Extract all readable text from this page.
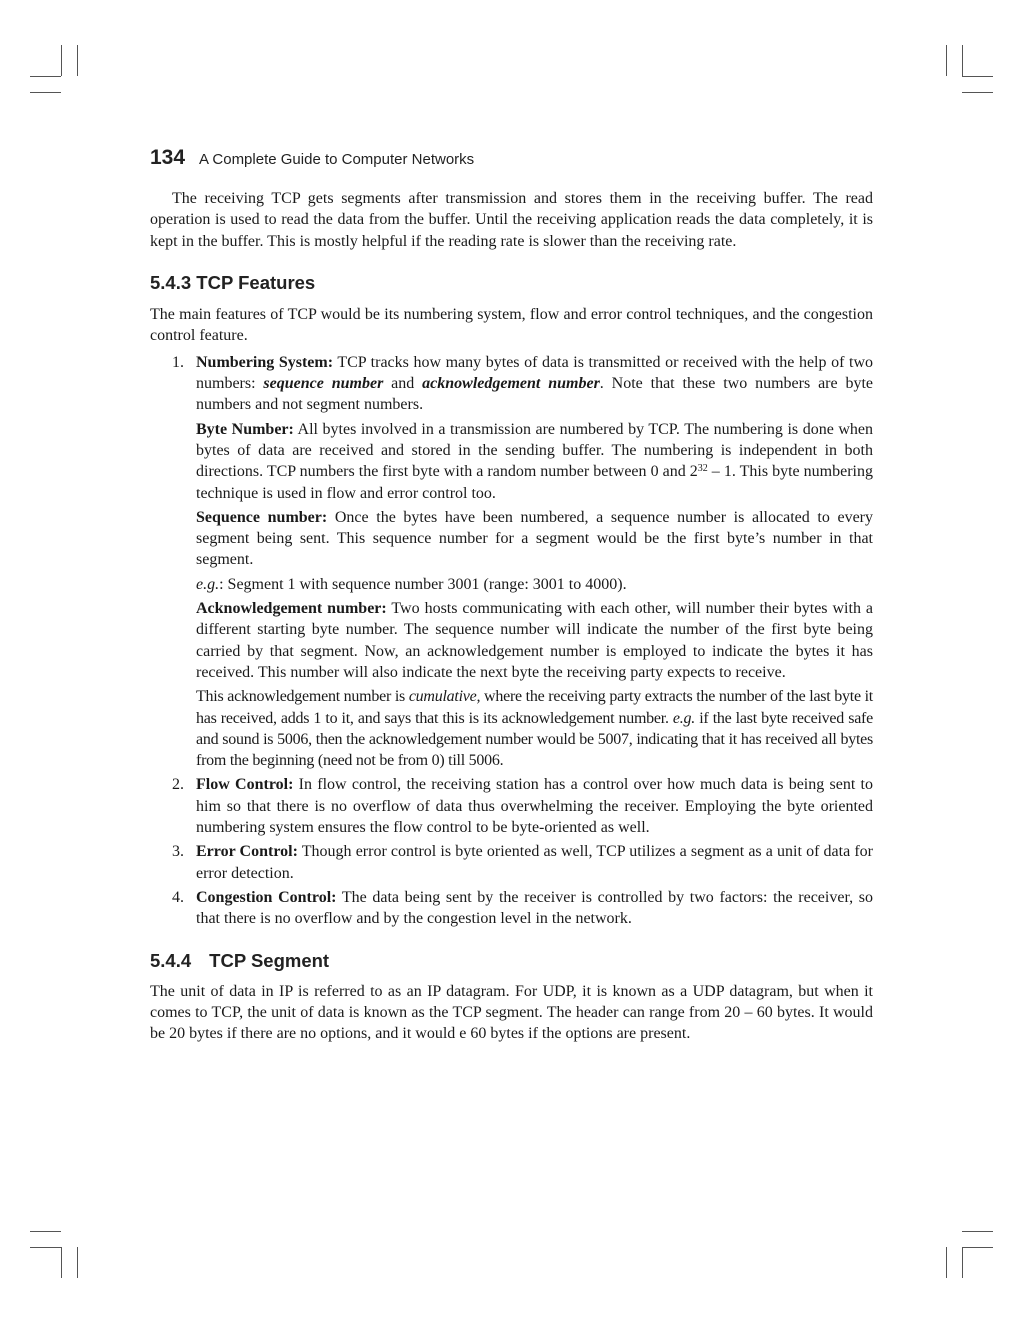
134 A Complete Guide to Computer Networks

The receiving TCP gets segments after transmission and stores them in the receiving buffer. The read operation is used to read the data from the buffer. Until the receiving application reads the data completely, it is kept in the buffer. This is mostly helpful if the reading rate is slower than the receiving rate.

5.4.3 TCP Features

The main features of TCP would be its numbering system, flow and error control techniques, and the congestion control feature.

1. Numbering System: TCP tracks how many bytes of data is transmitted or received with the help of two numbers: sequence number and acknowledgement number. Note that these two numbers are byte numbers and not segment numbers.

Byte Number: All bytes involved in a transmission are numbered by TCP. The numbering is done when bytes of data are received and stored in the sending buffer. The numbering is independent in both directions. TCP numbers the first byte with a random number between 0 and $2^{32} - 1$. This byte numbering technique is used in flow and error control too.

Sequence number: Once the bytes have been numbered, a sequence number is allocated to every segment being sent. This sequence number for a segment would be the first byte’s number in that segment.

e.g.: Segment 1 with sequence number 3001 (range: 3001 to 4000).

Acknowledgement number: Two hosts communicating with each other, will number their bytes with a different starting byte number. The sequence number will indicate the number of the first byte being carried by that segment. Now, an acknowledgement number is employed to indicate the bytes it has received. This number will also indicate the next byte the receiving party expects to receive.

This acknowledgement number is cumulative, where the receiving party extracts the number of the last byte it has received, adds 1 to it, and says that this is its acknowledgement number. e.g. if the last byte received safe and sound is 5006, then the acknowledgement number would be 5007, indicating that it has received all bytes from the beginning (need not be from 0) till 5006.

2. Flow Control: In flow control, the receiving station has a control over how much data is being sent to him so that there is no overflow of data thus overwhelming the receiver. Employing the byte oriented numbering system ensures the flow control to be byte-oriented as well.

3. Error Control: Though error control is byte oriented as well, TCP utilizes a segment as a unit of data for error detection.

4. Congestion Control: The data being sent by the receiver is controlled by two factors: the receiver, so that there is no overflow and by the congestion level in the network.

5.4.4 TCP Segment

The unit of data in IP is referred to as an IP datagram. For UDP, it is known as a UDP datagram, but when it comes to TCP, the unit of data is known as the TCP segment. The header can range from 20 – 60 bytes. It would be 20 bytes if there are no options, and it would e 60 bytes if the options are present.
